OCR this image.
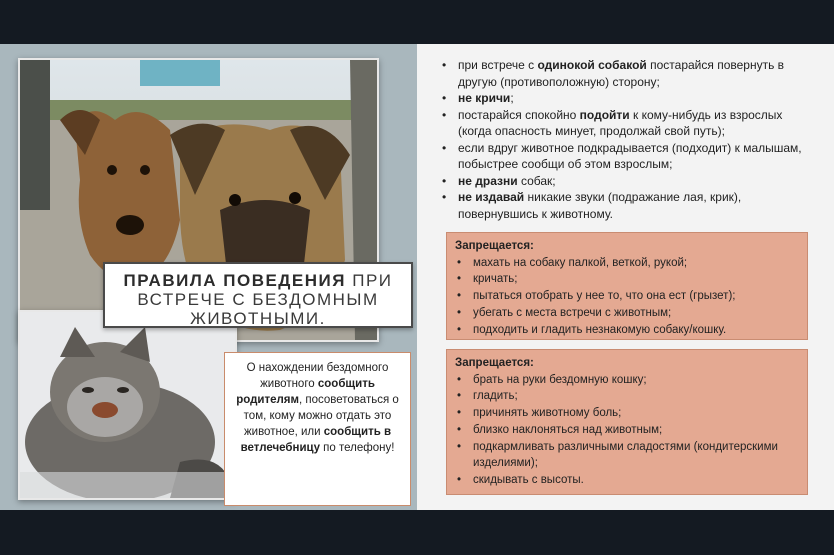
ПРАВИЛА ПОВЕДЕНИЯ ПРИ
ВСТРЕЧЕ С БЕЗДОМНЫМ
ЖИВОТНЫМИ.
О нахождении бездомного животного сообщить родителям, посоветоваться о том, кому можно отдать это животное, или сообщить в ветлечебницу по телефону!
• при встрече с одинокой собакой постарайся повернуть в другую (противоположную) сторону;
• не кричи;
• постарайся спокойно подойти к кому-нибудь из взрослых (когда опасность минует, продолжай свой путь);
• если вдруг животное подкрадывается (подходит) к малышам, побыстрее сообщи об этом взрослым;
• не дразни собак;
• не издавай никакие звуки (подражание лая, крик), повернувшись к животному.
Запрещается:
• махать на собаку палкой, веткой, рукой;
• кричать;
• пытаться отобрать у нее то, что она ест (грызет);
• убегать с места встречи с животным;
• подходить и гладить незнакомую собаку/кошку.
Запрещается:
• брать на руки бездомную кошку;
• гладить;
• причинять животному боль;
• близко наклоняться над животным;
• подкармливать различными сладостями (кондитерскими изделиями);
• скидывать с высоты.
